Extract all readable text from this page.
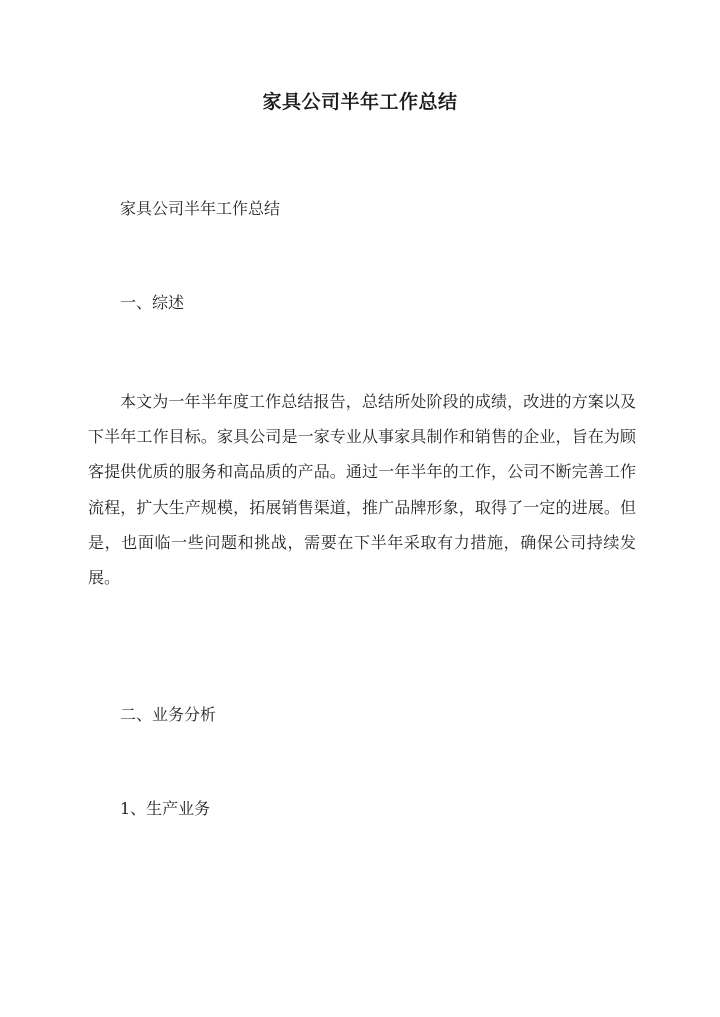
家具公司半年工作总结
家具公司半年工作总结
一、综述

本文为一年半年度工作总结报告，总结所处阶段的成绩，改进的方案以及下半年工作目标。家具公司是一家专业从事家具制作和销售的企业，旨在为顾客提供优质的服务和高品质的产品。通过一年半年的工作，公司不断完善工作流程，扩大生产规模，拓展销售渠道，推广品牌形象，取得了一定的进展。但是，也面临一些问题和挑战，需要在下半年采取有力措施，确保公司持续发展。

二、业务分析
1、生产业务
